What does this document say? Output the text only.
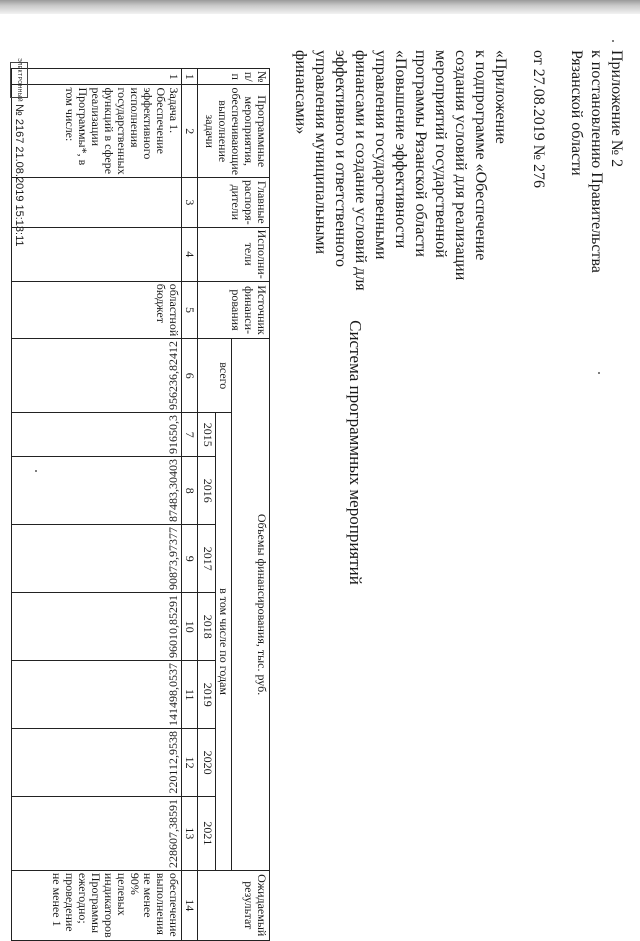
Приложение № 2

к постановлению Правительства

Рязанской области

от 27.08.2019 № 276

«Приложение

к подпрограмме «Обеспечение

создания условий для реализации

мероприятий государственной

программы Рязанской области

«Повышение эффективности

управления государственными

финансами и создание условий для

эффективного и ответственного

управления муниципальными

финансами»

Система программных мероприятий
№ п/п	Программные мероприятия, обеспечивающие выполнение задачи	Главные распоря-дители	Исполни-тели	Источник финанси-рования	Объемы финансирования, тыс. руб.								Ожидаемый результат
					всего	в том числе по годам							
						2015	2016	2017	2018	2019	2020	2021	
1	2	3	4	5	6	7	8	9	10	11	12	13	14
1	Задача 1. Обеспечение эффективного исполнения государственных функций в сфере реализации Программы*, в том числе:			областной бюджет	956236,82412	91650,3	87483,30403	90873,97377	96010,85291	141498,0537	220112,9538	228607,38591	обеспечение выполнения не менее 90% целевых индикаторов Программы ежегодно; проведение не менее 1
ЭЛЕКТРОННЫЙ
№ 2167 21.08.2019 15:13:11
